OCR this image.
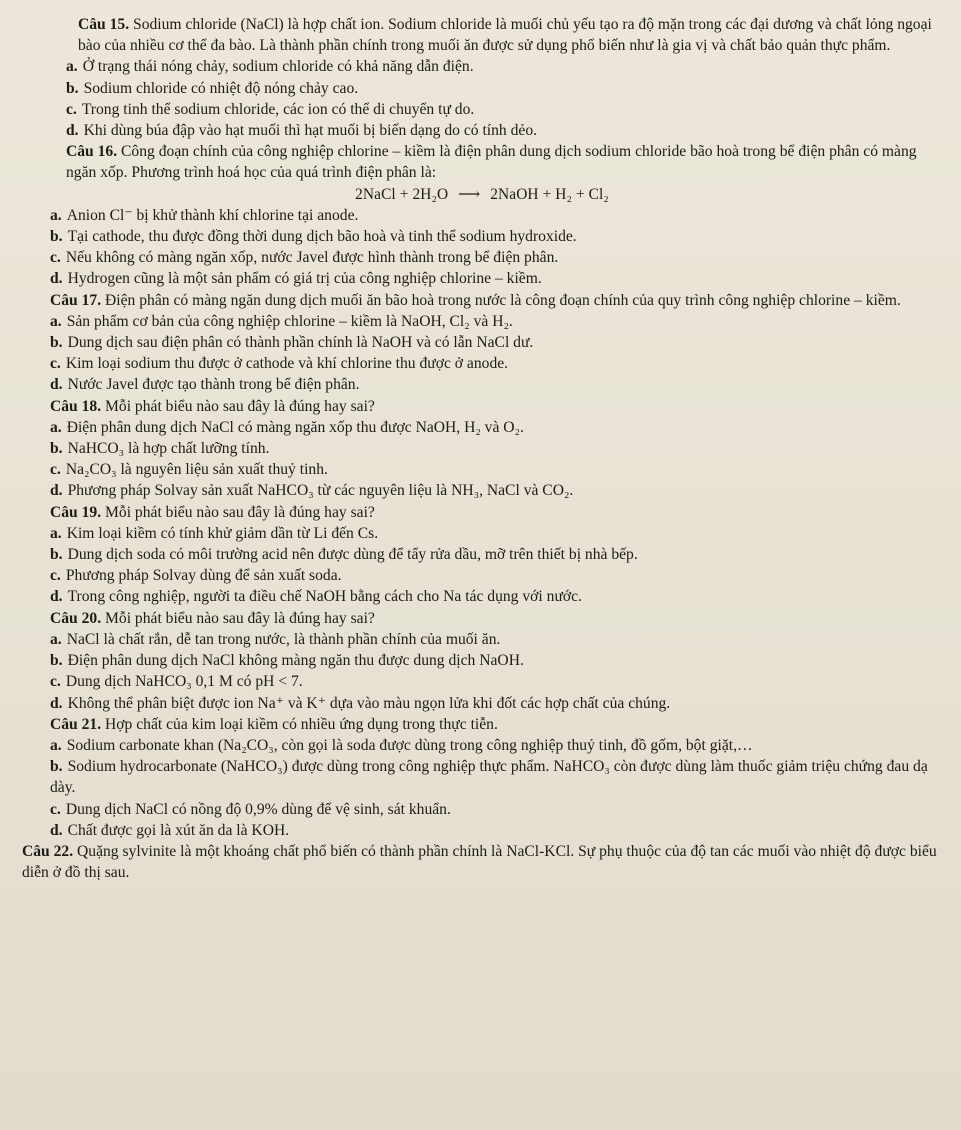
Câu 15. Sodium chloride (NaCl) là hợp chất ion. Sodium chloride là muối chủ yếu tạo ra độ mặn trong các đại dương và chất lỏng ngoại bào của nhiều cơ thể đa bào. Là thành phần chính trong muối ăn được sử dụng phổ biến như là gia vị và chất bảo quản thực phẩm.

a. Ở trạng thái nóng chảy, sodium chloride có khả năng dẫn điện.

b. Sodium chloride có nhiệt độ nóng chảy cao.

c. Trong tinh thể sodium chloride, các ion có thể di chuyển tự do.

d. Khi dùng búa đập vào hạt muối thì hạt muối bị biến dạng do có tính dẻo.

Câu 16. Công đoạn chính của công nghiệp chlorine – kiềm là điện phân dung dịch sodium chloride bão hoà trong bể điện phân có màng ngăn xốp. Phương trình hoá học của quá trình điện phân là:

2NaCl + 2H₂O ⟶ 2NaOH + H₂ + Cl₂

a. Anion Cl⁻ bị khử thành khí chlorine tại anode.

b. Tại cathode, thu được đồng thời dung dịch bão hoà và tinh thể sodium hydroxide.

c. Nếu không có màng ngăn xốp, nước Javel được hình thành trong bể điện phân.

d. Hydrogen cũng là một sản phẩm có giá trị của công nghiệp chlorine – kiềm.

Câu 17. Điện phân có màng ngăn dung dịch muối ăn bão hoà trong nước là công đoạn chính của quy trình công nghiệp chlorine – kiềm.

a. Sản phẩm cơ bản của công nghiệp chlorine – kiềm là NaOH, Cl₂ và H₂.

b. Dung dịch sau điện phân có thành phần chính là NaOH và có lẫn NaCl dư.

c. Kim loại sodium thu được ở cathode và khí chlorine thu được ở anode.

d. Nước Javel được tạo thành trong bể điện phân.

Câu 18. Mỗi phát biểu nào sau đây là đúng hay sai?

a. Điện phân dung dịch NaCl có màng ngăn xốp thu được NaOH, H₂ và O₂.

b. NaHCO₃ là hợp chất lưỡng tính.

c. Na₂CO₃ là nguyên liệu sản xuất thuỷ tinh.

d. Phương pháp Solvay sản xuất NaHCO₃ từ các nguyên liệu là NH₃, NaCl và CO₂.

Câu 19. Mỗi phát biểu nào sau đây là đúng hay sai?

a. Kim loại kiềm có tính khử giảm dần từ Li đến Cs.

b. Dung dịch soda có môi trường acid nên được dùng để tẩy rửa dầu, mỡ trên thiết bị nhà bếp.

c. Phương pháp Solvay dùng để sản xuất soda.

d. Trong công nghiệp, người ta điều chế NaOH bằng cách cho Na tác dụng với nước.

Câu 20. Mỗi phát biểu nào sau đây là đúng hay sai?

a. NaCl là chất rắn, dễ tan trong nước, là thành phần chính của muối ăn.

b. Điện phân dung dịch NaCl không màng ngăn thu được dung dịch NaOH.

c. Dung dịch NaHCO₃ 0,1 M có pH < 7.

d. Không thể phân biệt được ion Na⁺ và K⁺ dựa vào màu ngọn lửa khi đốt các hợp chất của chúng.

Câu 21. Hợp chất của kim loại kiềm có nhiều ứng dụng trong thực tiễn.

a. Sodium carbonate khan (Na₂CO₃, còn gọi là soda được dùng trong công nghiệp thuỷ tinh, đồ gốm, bột giặt,…

b. Sodium hydrocarbonate (NaHCO₃) được dùng trong công nghiệp thực phẩm. NaHCO₃ còn được dùng làm thuốc giảm triệu chứng đau dạ dày.

c. Dung dịch NaCl có nồng độ 0,9% dùng để vệ sinh, sát khuẩn.

d. Chất được gọi là xút ăn da là KOH.

Câu 22. Quặng sylvinite là một khoáng chất phổ biến có thành phần chính là NaCl-KCl. Sự phụ thuộc của độ tan các muối vào nhiệt độ được biểu diễn ở đồ thị sau.
